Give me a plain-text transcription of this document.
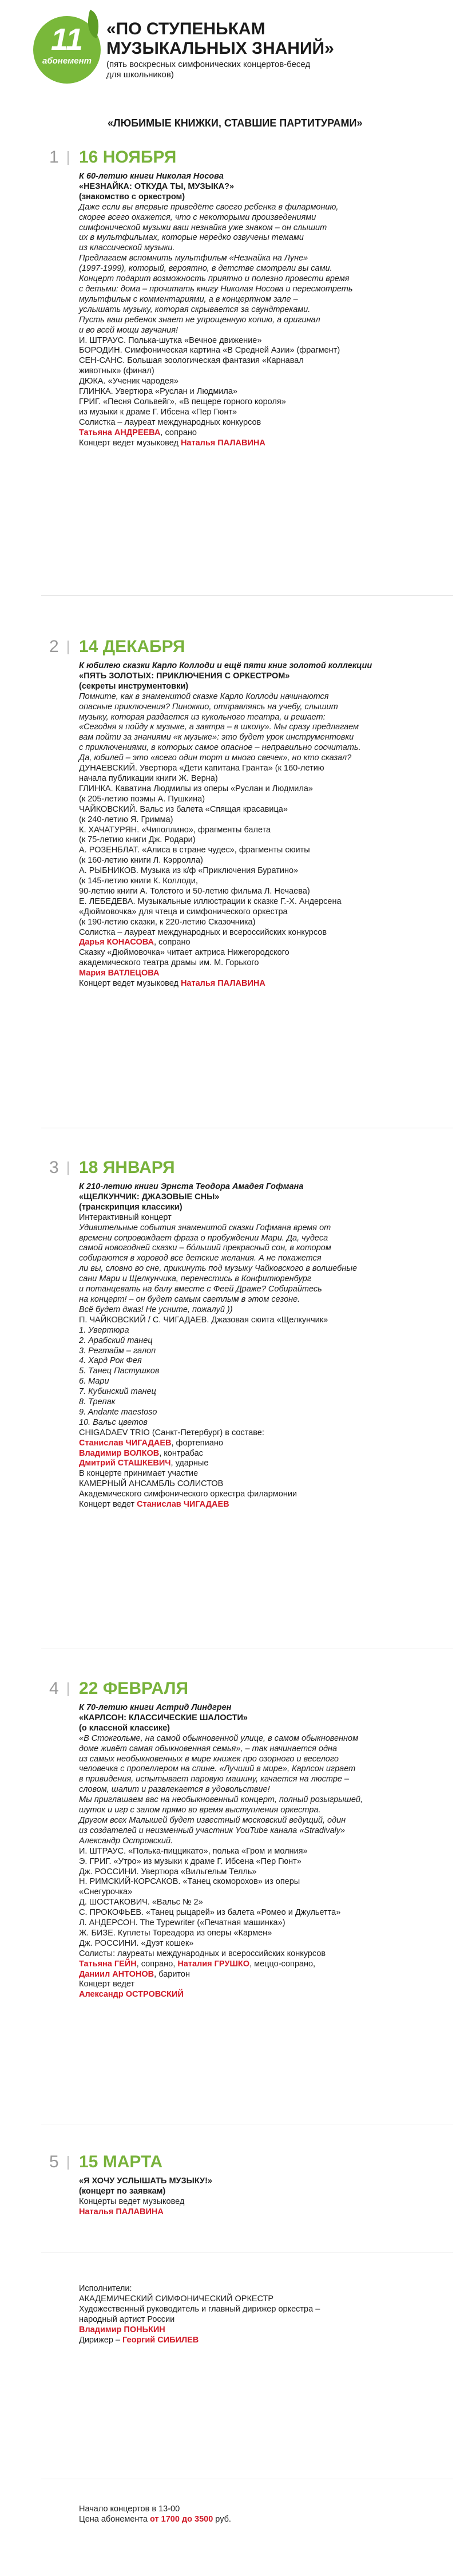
11
абонемент
«ПО СТУПЕНЬКАМ
МУЗЫКАЛЬНЫХ ЗНАНИЙ»
(пять воскресных симфонических концертов-бесед
для школьников)
«ЛЮБИМЫЕ КНИЖКИ, СТАВШИЕ ПАРТИТУРАМИ»
1 16 НОЯБРЯ

К 60-летию книги Николая Носова

«НЕЗНАЙКА: ОТКУДА ТЫ, МУЗЫКА?»

(знакомство с оркестром)

Даже если вы впервые приведёте своего ребенка в филармонию,

скорее всего окажется, что с некоторыми произведениями

симфонической музыки ваш незнайка уже знаком – он слышит

их в мультфильмах, которые нередко озвучены темами

из классической музыки.

Предлагаем вспомнить мультфильм «Незнайка на Луне»

(1997-1999), который, вероятно, в детстве смотрели вы сами.

Концерт подарит возможность приятно и полезно провести время

с детьми: дома – прочитать книгу Николая Носова и пересмотреть

мультфильм с комментариями, а в концертном зале –

услышать музыку, которая скрывается за саундтреками.

Пусть ваш ребенок знает не упрощенную копию, а оригинал

и во всей мощи звучания!

И. ШТРАУС. Полька-шутка «Вечное движение»

БОРОДИН. Симфоническая картина «В Средней Азии» (фрагмент)

СЕН-САНС. Большая зоологическая фантазия «Карнавал

животных» (финал)

ДЮКА. «Ученик чародея»

ГЛИНКА. Увертюра «Руслан и Людмила»

ГРИГ. «Песня Сольвейг», «В пещере горного короля»

из музыки к драме Г. Ибсена «Пер Гюнт»

Солистка – лауреат международных конкурсов

Татьяна АНДРЕЕВА, сопрано

Концерт ведет музыковед Наталья ПАЛАВИНА

2 14 ДЕКАБРЯ

К юбилею сказки Карло Коллоди и ещё пяти книг золотой коллекции

«ПЯТЬ ЗОЛОТЫХ: ПРИКЛЮЧЕНИЯ С ОРКЕСТРОМ»

(секреты инструментовки)

Помните, как в знаменитой сказке Карло Коллоди начинаются

опасные приключения? Пиноккио, отправляясь на учебу, слышит

музыку, которая раздается из кукольного театра, и решает:

«Сегодня я пойду к музыке, а завтра – в школу». Мы сразу предлагаем

вам пойти за знаниями «к музыке»: это будет урок инструментовки

с приключениями, в которых самое опасное – неправильно сосчитать.

Да, юбилей – это «всего один торт и много свечек», но кто сказал?

ДУНАЕВСКИЙ. Увертюра «Дети капитана Гранта» (к 160-летию

начала публикации книги Ж. Верна)

ГЛИНКА. Каватина Людмилы из оперы «Руслан и Людмила»

(к 205-летию поэмы А. Пушкина)

ЧАЙКОВСКИЙ. Вальс из балета «Спящая красавица»

(к 240-летию Я. Гримма)

К. ХАЧАТУРЯН. «Чиполлино», фрагменты балета

(к 75-летию книги Дж. Родари)

А. РОЗЕНБЛАТ. «Алиса в стране чудес», фрагменты сюиты

(к 160-летию книги Л. Кэрролла)

А. РЫБНИКОВ. Музыка из к/ф «Приключения Буратино»

(к 145-летию книги К. Коллоди,

90-летию книги А. Толстого и 50-летию фильма Л. Нечаева)

Е. ЛЕБЕДЕВА. Музыкальные иллюстрации к сказке Г.-Х. Андерсена

«Дюймовочка» для чтеца и симфонического оркестра

(к 190-летию сказки, к 220-летию Сказочника)

Солистка – лауреат международных и всероссийских конкурсов

Дарья КОНАСОВА, сопрано

Сказку «Дюймовочка» читает актриса Нижегородского

академического театра драмы им. М. Горького

Мария ВАТЛЕЦОВА

Концерт ведет музыковед Наталья ПАЛАВИНА

3 18 ЯНВАРЯ

К 210-летию книги Эрнста Теодора Амадея Гофмана

«ЩЕЛКУНЧИК: ДЖАЗОВЫЕ СНЫ»

(транскрипция классики)

Интерактивный концерт

Удивительные события знаменитой сказки Гофмана время от

времени сопровождает фраза о пробуждении Мари. Да, чудеса

самой новогодней сказки – бόльший прекрасный сон, в котором

собираются в хоровод все детские желания. А не покажется

ли вы, словно во сне, прикинуть под музыку Чайковского в волшебные

сани Мари и Щелкунчика, перенестись в Конфитюренбург

и потанцевать на балу вместе с Феей Драже? Собирайтесь

на концерт! – он будет самым светлым в этом сезоне.

Всё будет джаз! Не усните, пожалуй ))

П. ЧАЙКОВСКИЙ / С. ЧИГАДАЕВ. Джазовая сюита «Щелкунчик»

1. Увертюра

2. Арабский танец

3. Регтайм – галоп

4. Хард Рок Фея

5. Танец Пастушков

6. Мари

7. Кубинский танец

8. Трепак

9. Andante maestoso

10. Вальс цветов

CHIGADAEV TRIO (Санкт-Петербург) в составе:

Станислав ЧИГАДАЕВ, фортепиано

Владимир ВОЛКОВ, контрабас

Дмитрий СТАШКЕВИЧ, ударные

В концерте принимает участие

КАМЕРНЫЙ АНСАМБЛЬ СОЛИСТОВ

Академического симфонического оркестра филармонии

Концерт ведет Станислав ЧИГАДАЕВ

4 22 ФЕВРАЛЯ

К 70-летию книги Астрид Линдгрен

«КАРЛСОН: КЛАССИЧЕСКИЕ ШАЛОСТИ»

(о классной классике)

«В Стокгольме, на самой обыкновенной улице, в самом обыкновенном

доме живёт самая обыкновенная семья», – так начинается одна

из самых необыкновенных в мире книжек про озорного и веселого

человечка с пропеллером на спине. «Лучший в мире», Карлсон играет

в привидения, испытывает паровую машину, качается на люстре –

словом, шалит и развлекается в удовольствие!

Мы приглашаем вас на необыкновенный концерт, полный розыгрышей,

шуток и игр с залом прямо во время выступления оркестра.

Другом всех Малышей будет известный московский ведущий, один

из создателей и неизменный участник YouTube канала «Stradivaly»

Александр Островский.

И. ШТРАУС. «Полька-пиццикато», полька «Гром и молния»

Э. ГРИГ. «Утро» из музыки к драме Г. Ибсена «Пер Гюнт»

Дж. РОССИНИ. Увертюра «Вильгельм Телль»

Н. РИМСКИЙ-КОРСАКОВ. «Танец скоморохов» из оперы

«Снегурочка»

Д. ШОСТАКОВИЧ. «Вальс № 2»

С. ПРОКОФЬЕВ. «Танец рыцарей» из балета «Ромео и Джульетта»

Л. АНДЕРСОН. The Typewriter («Печатная машинка»)

Ж. БИЗЕ. Куплеты Тореадора из оперы «Кармен»

Дж. РОССИНИ. «Дуэт кошек»

Солисты: лауреаты международных и всероссийских конкурсов

Татьяна ГЕЙН, сопрано, Наталия ГРУШКО, меццо-сопрано,

Даниил АНТОНОВ, баритон

Концерт ведет

Александр ОСТРОВСКИЙ

5 15 МАРТА

«Я ХОЧУ УСЛЫШАТЬ МУЗЫКУ!»

(концерт по заявкам)

Концерты ведет музыковед

Наталья ПАЛАВИНА

Исполнители:

АКАДЕМИЧЕСКИЙ СИМФОНИЧЕСКИЙ ОРКЕСТР

Художественный руководитель и главный дирижер оркестра –

народный артист России

Владимир ПОНЬКИН

Дирижер – Георгий СИБИЛЕВ

Начало концертов в 13-00

Цена абонемента от 1700 до 3500 руб.
